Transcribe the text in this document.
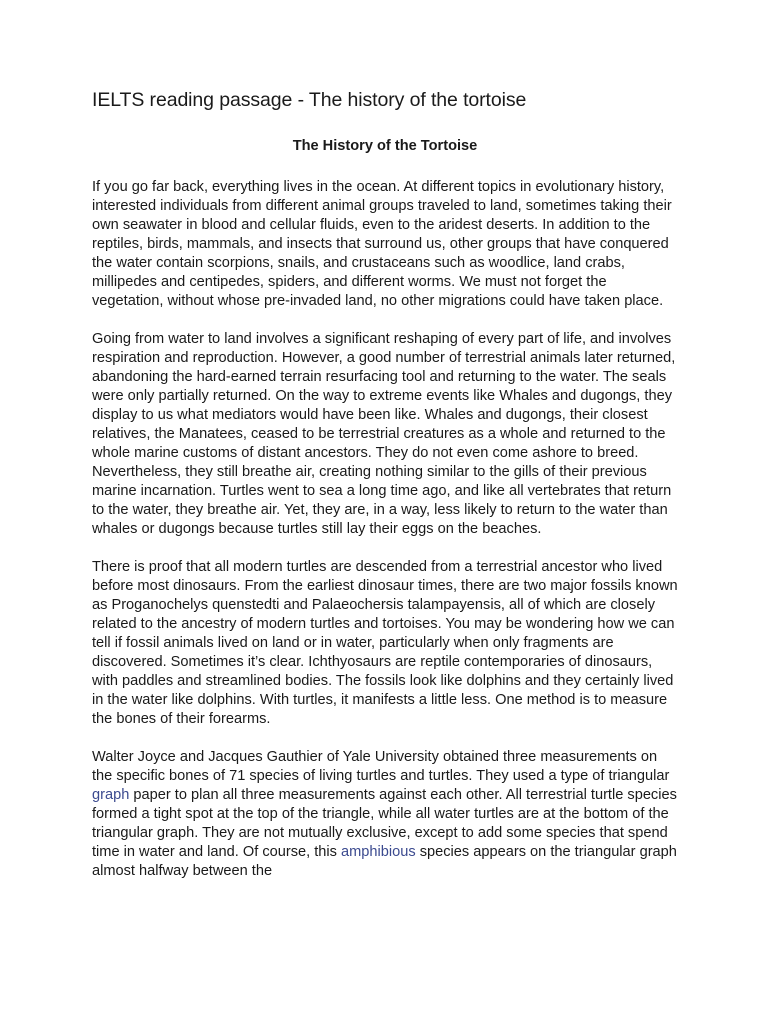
IELTS reading passage - The history of the tortoise
The History of the Tortoise

If you go far back, everything lives in the ocean. At different topics in evolutionary history, interested individuals from different animal groups traveled to land, sometimes taking their own seawater in blood and cellular fluids, even to the aridest deserts. In addition to the reptiles, birds, mammals, and insects that surround us, other groups that have conquered the water contain scorpions, snails, and crustaceans such as woodlice, land crabs, millipedes and centipedes, spiders, and different worms. We must not forget the vegetation, without whose pre-invaded land, no other migrations could have taken place.

Going from water to land involves a significant reshaping of every part of life, and involves respiration and reproduction. However, a good number of terrestrial animals later returned, abandoning the hard-earned terrain resurfacing tool and returning to the water. The seals were only partially returned. On the way to extreme events like Whales and dugongs, they display to us what mediators would have been like. Whales and dugongs, their closest relatives, the Manatees, ceased to be terrestrial creatures as a whole and returned to the whole marine customs of distant ancestors. They do not even come ashore to breed. Nevertheless, they still breathe air, creating nothing similar to the gills of their previous marine incarnation. Turtles went to sea a long time ago, and like all vertebrates that return to the water, they breathe air. Yet, they are, in a way, less likely to return to the water than whales or dugongs because turtles still lay their eggs on the beaches.

There is proof that all modern turtles are descended from a terrestrial ancestor who lived before most dinosaurs. From the earliest dinosaur times, there are two major fossils known as Proganochelys quenstedti and Palaeochersis talampayensis, all of which are closely related to the ancestry of modern turtles and tortoises. You may be wondering how we can tell if fossil animals lived on land or in water, particularly when only fragments are discovered. Sometimes it’s clear. Ichthyosaurs are reptile contemporaries of dinosaurs, with paddles and streamlined bodies. The fossils look like dolphins and they certainly lived in the water like dolphins. With turtles, it manifests a little less. One method is to measure the bones of their forearms.

Walter Joyce and Jacques Gauthier of Yale University obtained three measurements on the specific bones of 71 species of living turtles and turtles. They used a type of triangular graph paper to plan all three measurements against each other. All terrestrial turtle species formed a tight spot at the top of the triangle, while all water turtles are at the bottom of the triangular graph. They are not mutually exclusive, except to add some species that spend time in water and land. Of course, this amphibious species appears on the triangular graph almost halfway between the
